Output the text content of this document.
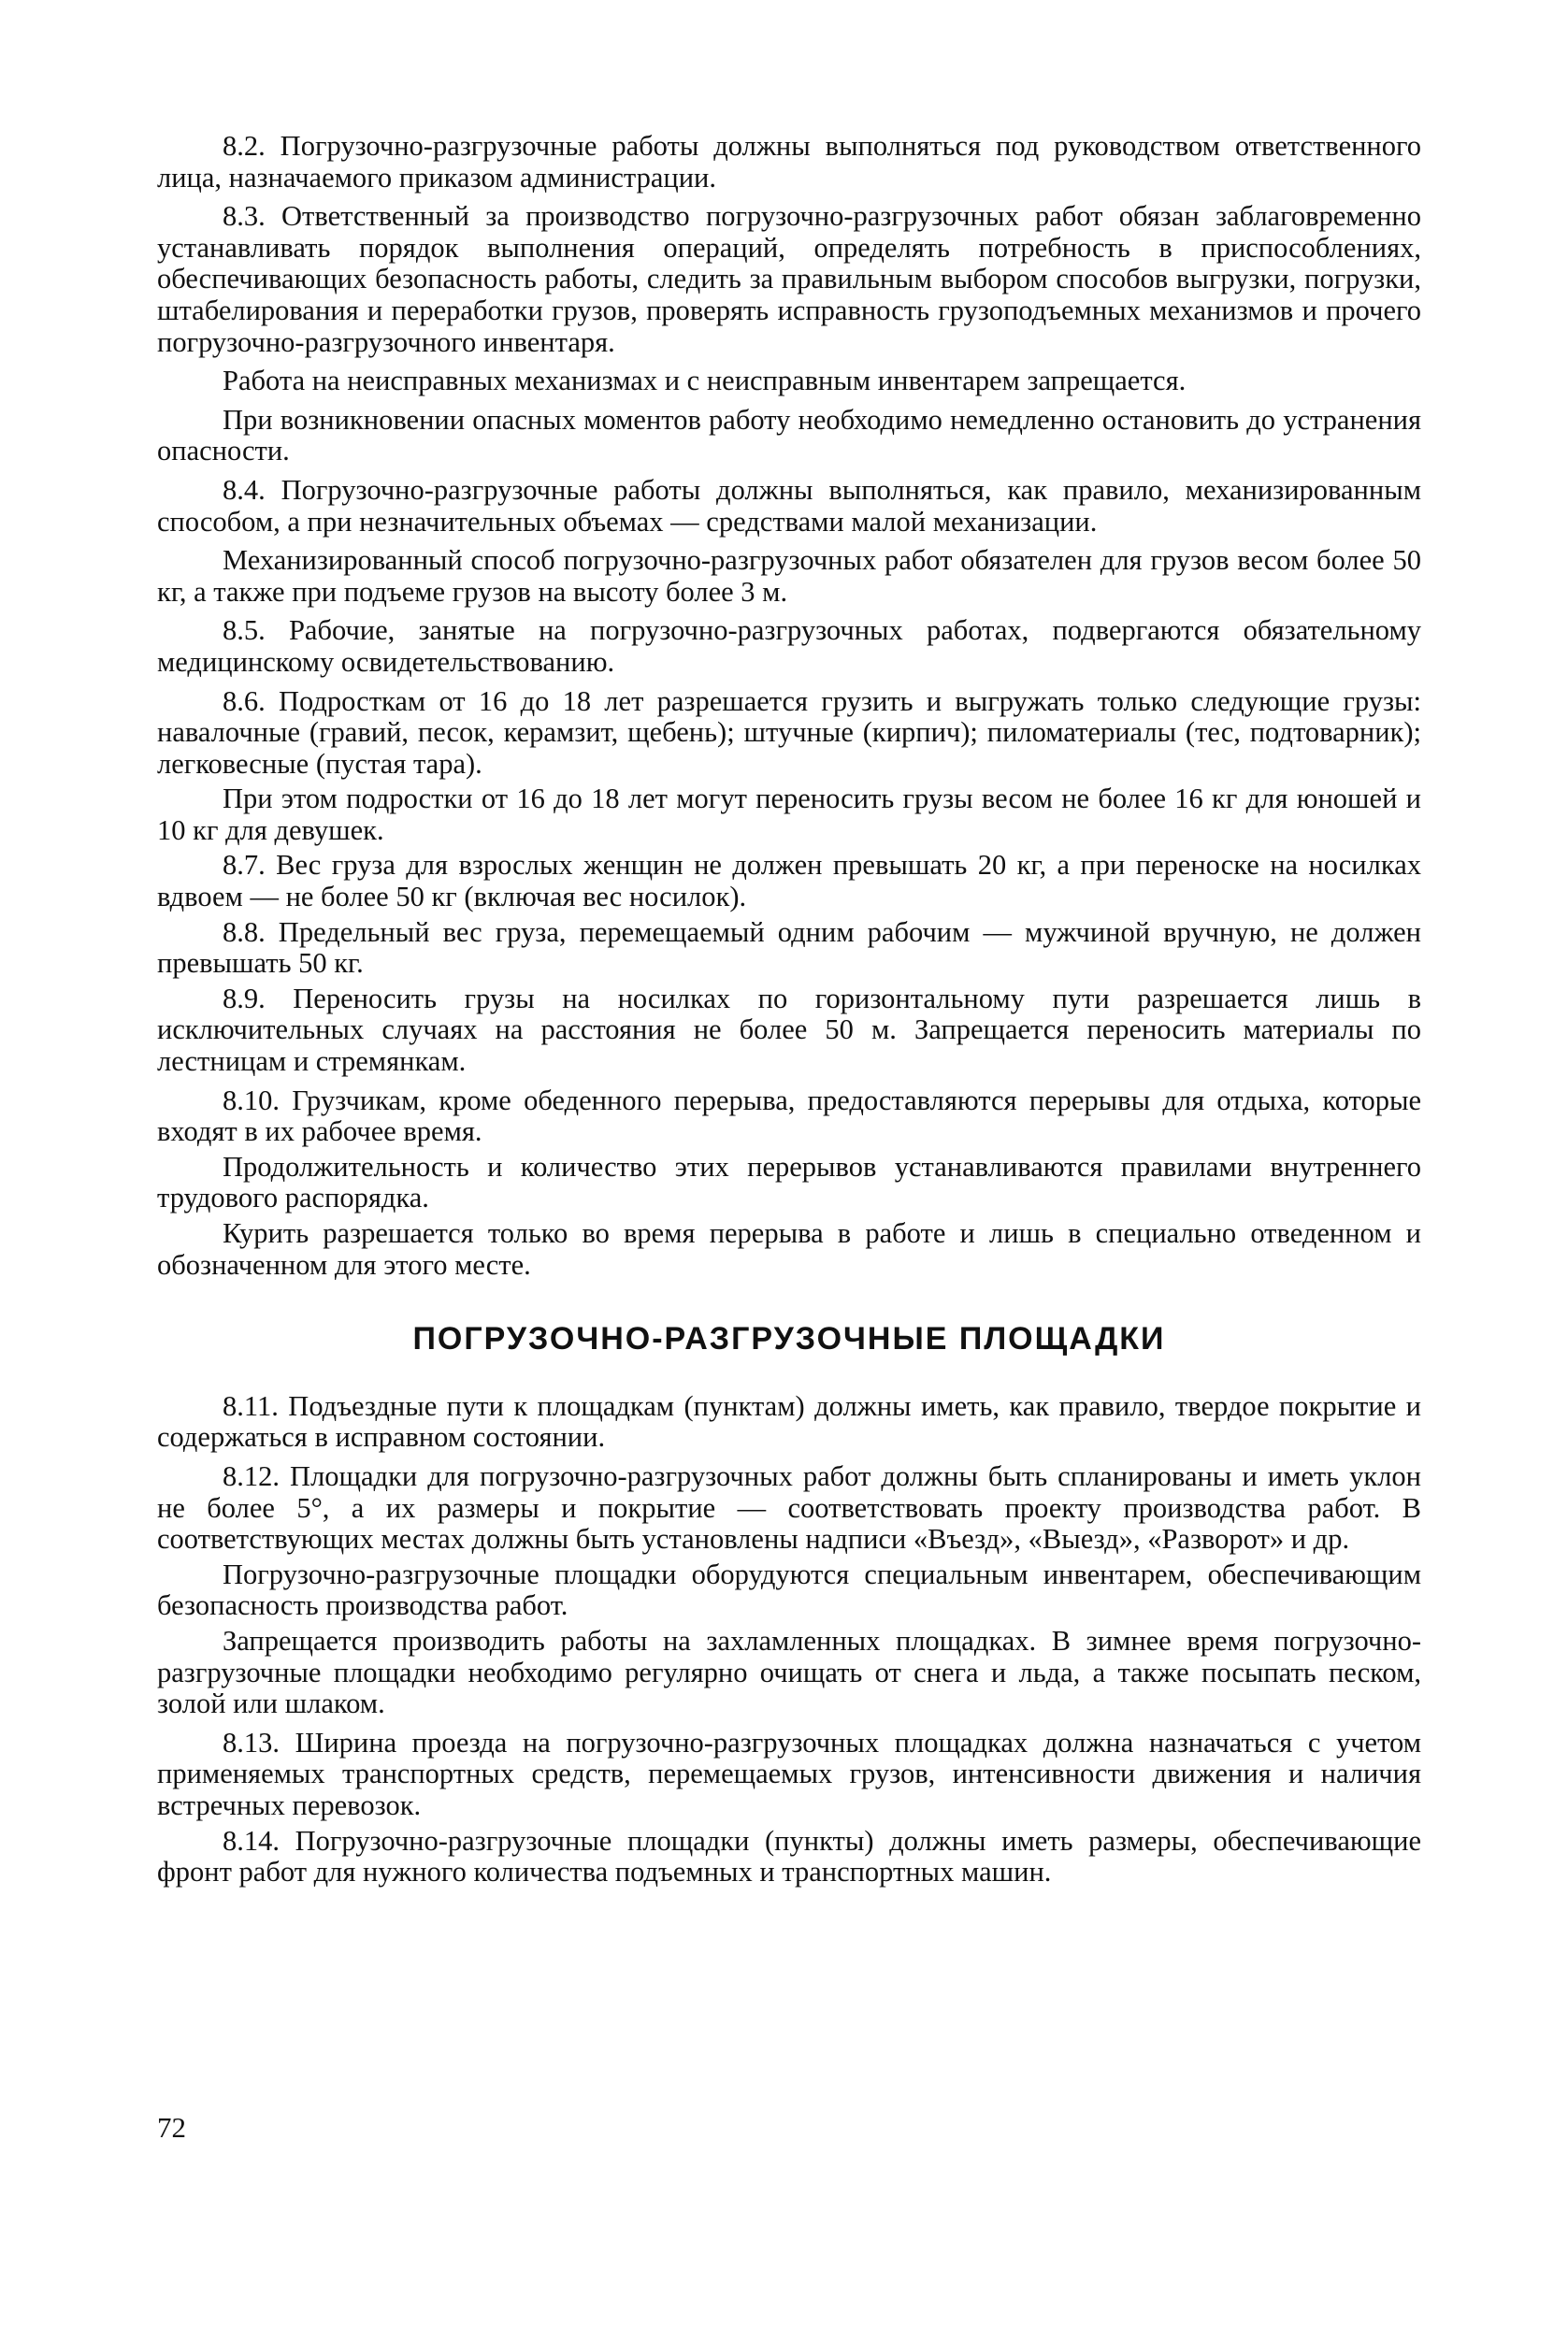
8.2. Погрузочно-разгрузочные работы должны выполняться под руководством ответственного лица, назначаемого приказом администрации.

8.3. Ответственный за производство погрузочно-разгрузочных работ обязан заблаговременно устанавливать порядок выполнения операций, определять потребность в приспособлениях, обеспечивающих безопасность работы, следить за правильным выбором способов выгрузки, погрузки, штабелирования и переработки грузов, проверять исправность грузоподъемных механизмов и прочего погрузочно-разгрузочного инвентаря.

Работа на неисправных механизмах и с неисправным инвентарем запрещается.

При возникновении опасных моментов работу необходимо немедленно остановить до устранения опасности.

8.4. Погрузочно-разгрузочные работы должны выполняться, как правило, механизированным способом, а при незначительных объемах — средствами малой механизации.

Механизированный способ погрузочно-разгрузочных работ обязателен для грузов весом более 50 кг, а также при подъеме грузов на высоту более 3 м.

8.5. Рабочие, занятые на погрузочно-разгрузочных работах, подвергаются обязательному медицинскому освидетельствованию.

8.6. Подросткам от 16 до 18 лет разрешается грузить и выгружать только следующие грузы: навалочные (гравий, песок, керамзит, щебень); штучные (кирпич); пиломатериалы (тес, подтоварник); легковесные (пустая тара).

При этом подростки от 16 до 18 лет могут переносить грузы весом не более 16 кг для юношей и 10 кг для девушек.

8.7. Вес груза для взрослых женщин не должен превышать 20 кг, а при переноске на носилках вдвоем — не более 50 кг (включая вес носилок).

8.8. Предельный вес груза, перемещаемый одним рабочим — мужчиной вручную, не должен превышать 50 кг.

8.9. Переносить грузы на носилках по горизонтальному пути разрешается лишь в исключительных случаях на расстояния не более 50 м. Запрещается переносить материалы по лестницам и стремянкам.

8.10. Грузчикам, кроме обеденного перерыва, предоставляются перерывы для отдыха, которые входят в их рабочее время.

Продолжительность и количество этих перерывов устанавливаются правилами внутреннего трудового распорядка.

Курить разрешается только во время перерыва в работе и лишь в специально отведенном и обозначенном для этого месте.

ПОГРУЗОЧНО-РАЗГРУЗОЧНЫЕ ПЛОЩАДКИ

8.11. Подъездные пути к площадкам (пунктам) должны иметь, как правило, твердое покрытие и содержаться в исправном состоянии.

8.12. Площадки для погрузочно-разгрузочных работ должны быть спланированы и иметь уклон не более 5°, а их размеры и покрытие — соответствовать проекту производства работ. В соответствующих местах должны быть установлены надписи «Въезд», «Выезд», «Разворот» и др.

Погрузочно-разгрузочные площадки оборудуются специальным инвентарем, обеспечивающим безопасность производства работ.

Запрещается производить работы на захламленных площадках. В зимнее время погрузочно-разгрузочные площадки необходимо регулярно очищать от снега и льда, а также посыпать песком, золой или шлаком.

8.13. Ширина проезда на погрузочно-разгрузочных площадках должна назначаться с учетом применяемых транспортных средств, перемещаемых грузов, интенсивности движения и наличия встречных перевозок.

8.14. Погрузочно-разгрузочные площадки (пункты) должны иметь размеры, обеспечивающие фронт работ для нужного количества подъемных и транспортных машин.

72
